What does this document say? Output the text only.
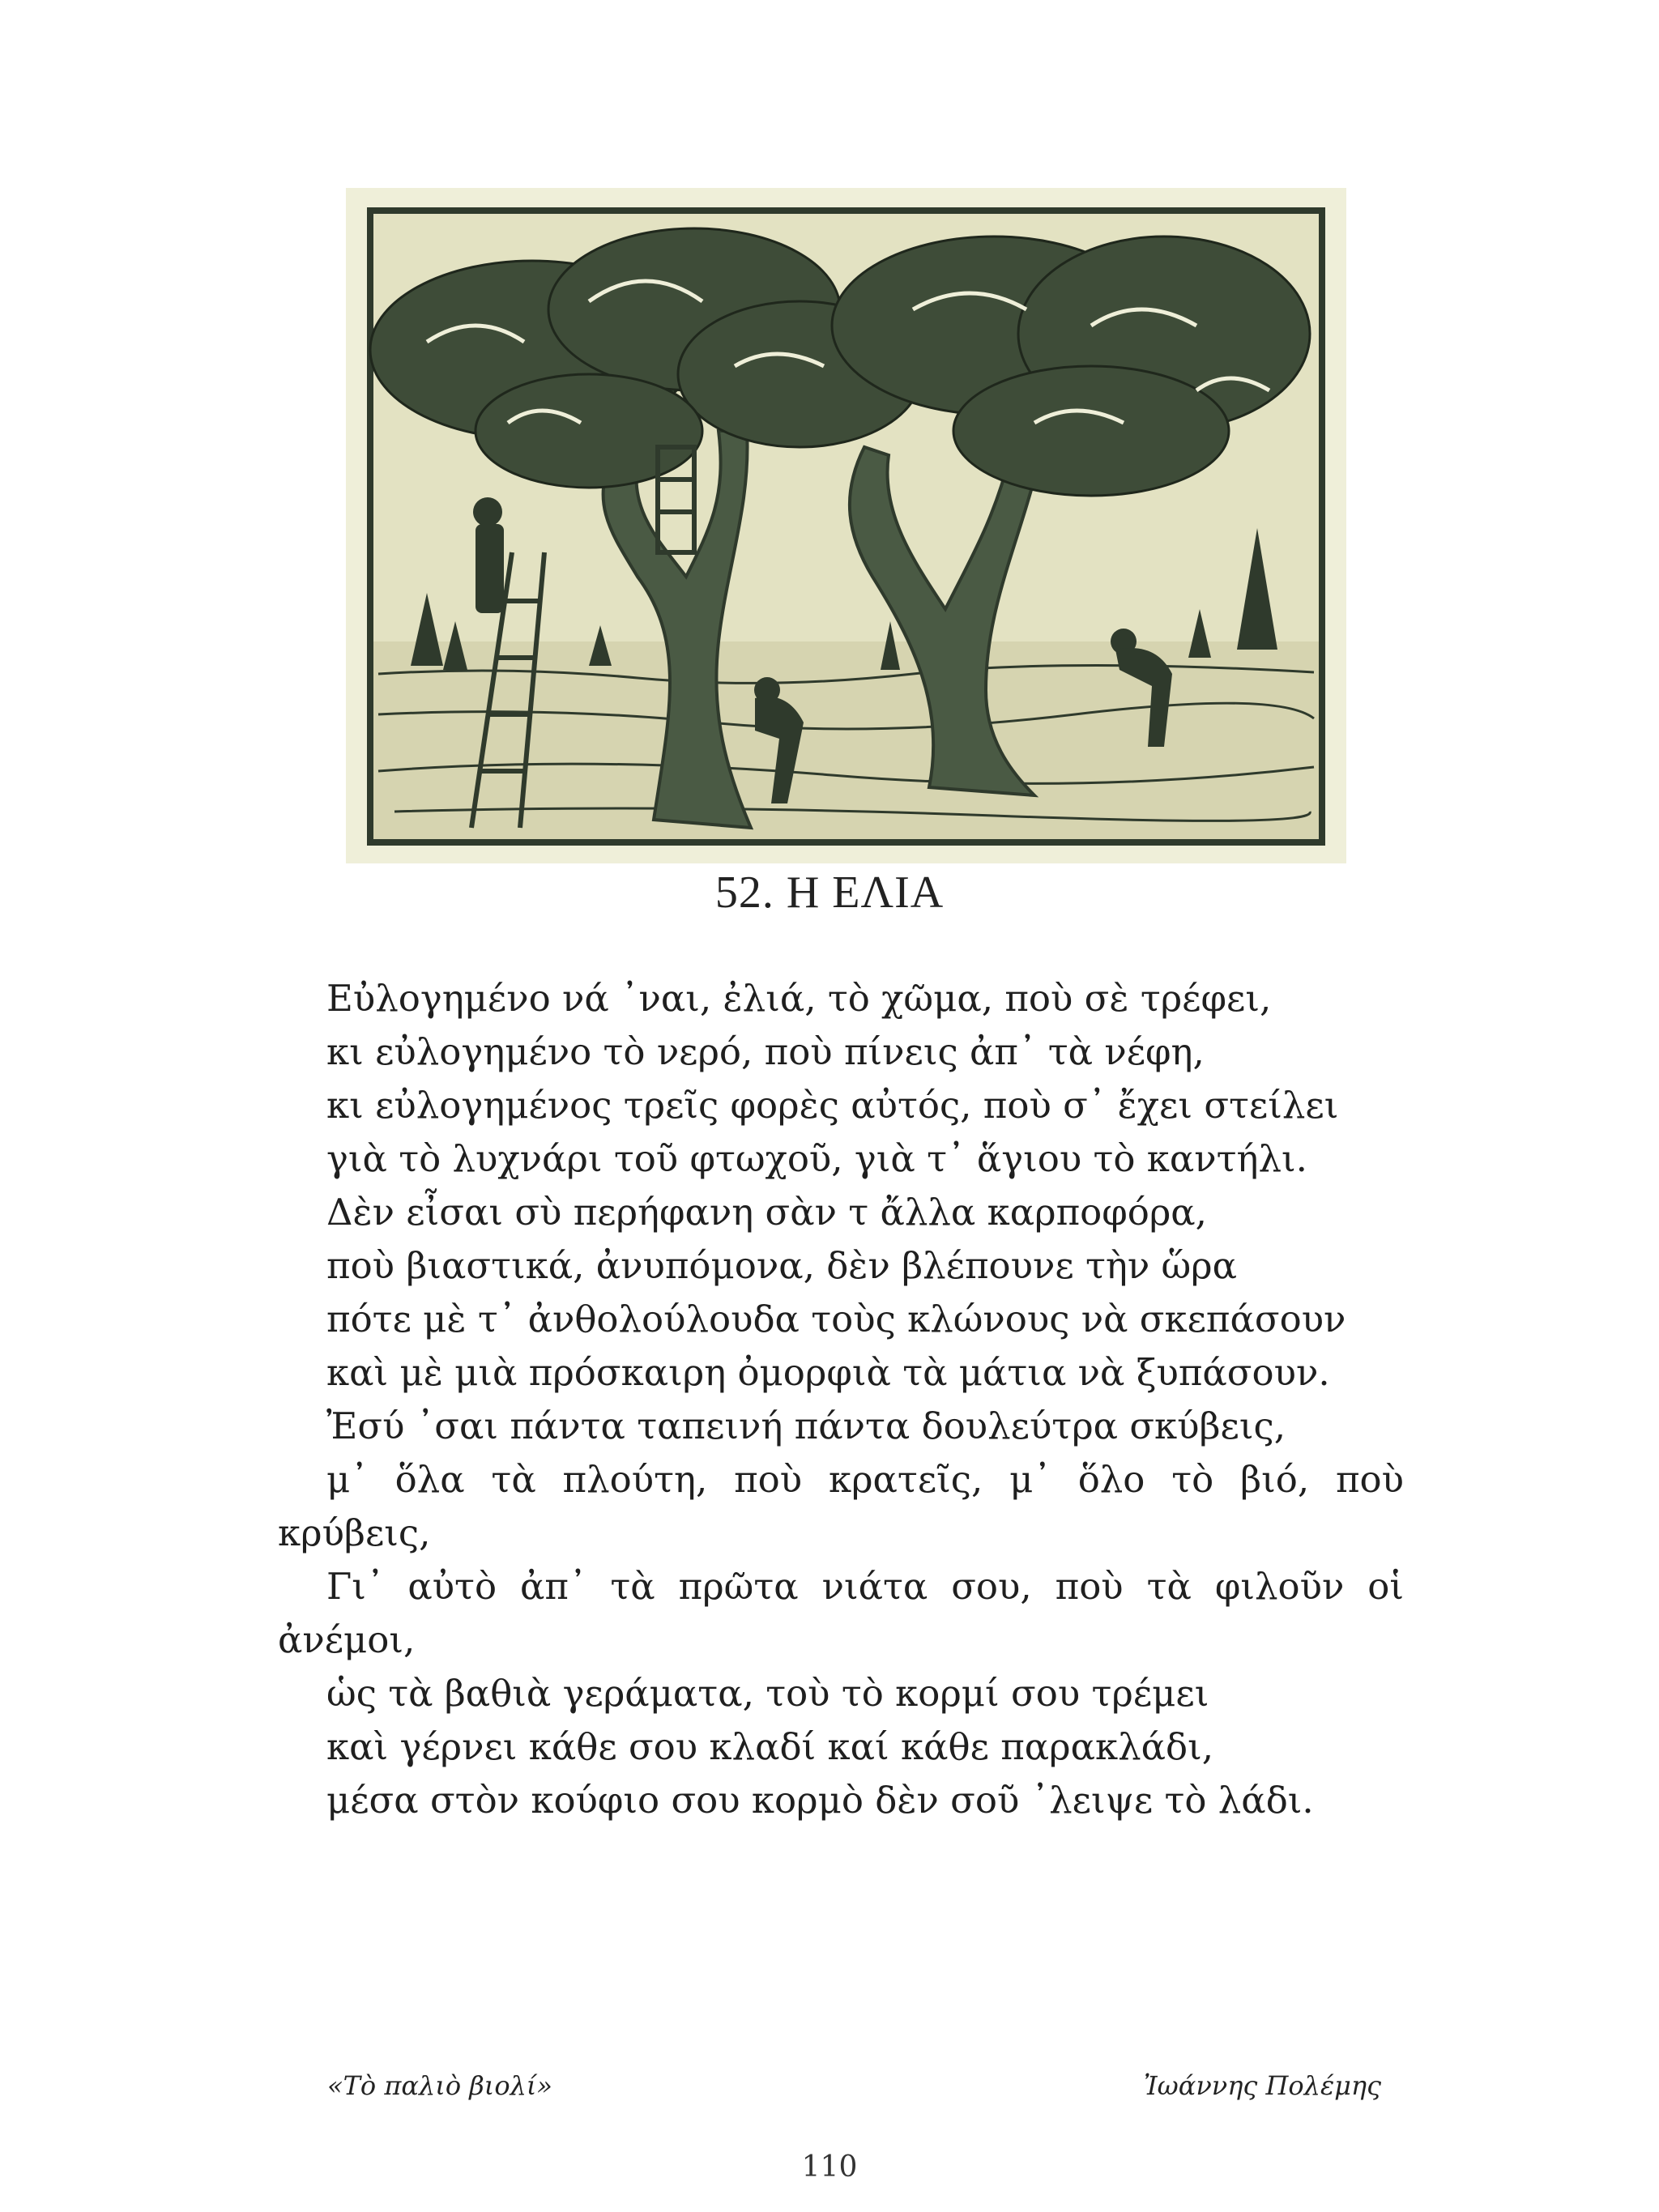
52. Η ΕΛΙΑ
Εὐλογημένο νά ᾿ναι, ἐλιά, τὸ χῶμα, ποὺ σὲ τρέφει,
κι εὐλογημένο τὸ νερό, ποὺ πίνεις ἀπ᾿ τὰ νέφη,
κι εὐλογημένος τρεῖς φορὲς αὐτός, ποὺ σ᾿ ἔχει στείλει
γιὰ τὸ λυχνάρι τοῦ φτωχοῦ, γιὰ τ᾿ ἅγιου τὸ καντήλι.
Δὲν εἶσαι σὺ περήφανη σὰν τ ἄλλα καρποφόρα,
ποὺ βιαστικά, ἀνυπόμονα, δὲν βλέπουνε τὴν ὥρα
πότε μὲ τ᾿ ἀνθολούλουδα τοὺς κλώνους νὰ σκεπάσουν
καὶ μὲ μιὰ πρόσκαιρη ὀμορφιὰ τὰ μάτια νὰ ξυπάσουν.
Ἐσύ ᾿σαι πάντα ταπεινή πάντα δουλεύτρα σκύβεις,
μ᾿ ὅλα τὰ πλούτη, ποὺ κρατεῖς, μ᾿ ὅλο τὸ βιό, ποὺ
κρύβεις,
Γι᾿ αὐτὸ ἀπ᾿ τὰ πρῶτα νιάτα σου, ποὺ τὰ φιλοῦν οἱ
ἀνέμοι,
ὡς τὰ βαθιὰ γεράματα, τοὺ τὸ κορμί σου τρέμει
καὶ γέρνει κάθε σου κλαδί καί κάθε παρακλάδι,
μέσα στὸν κούφιο σου κορμὸ δὲν σοῦ ᾿λειψε τὸ λάδι.
«Τὸ παλιὸ βιολί»	Ἰωάννης Πολέμης
110
